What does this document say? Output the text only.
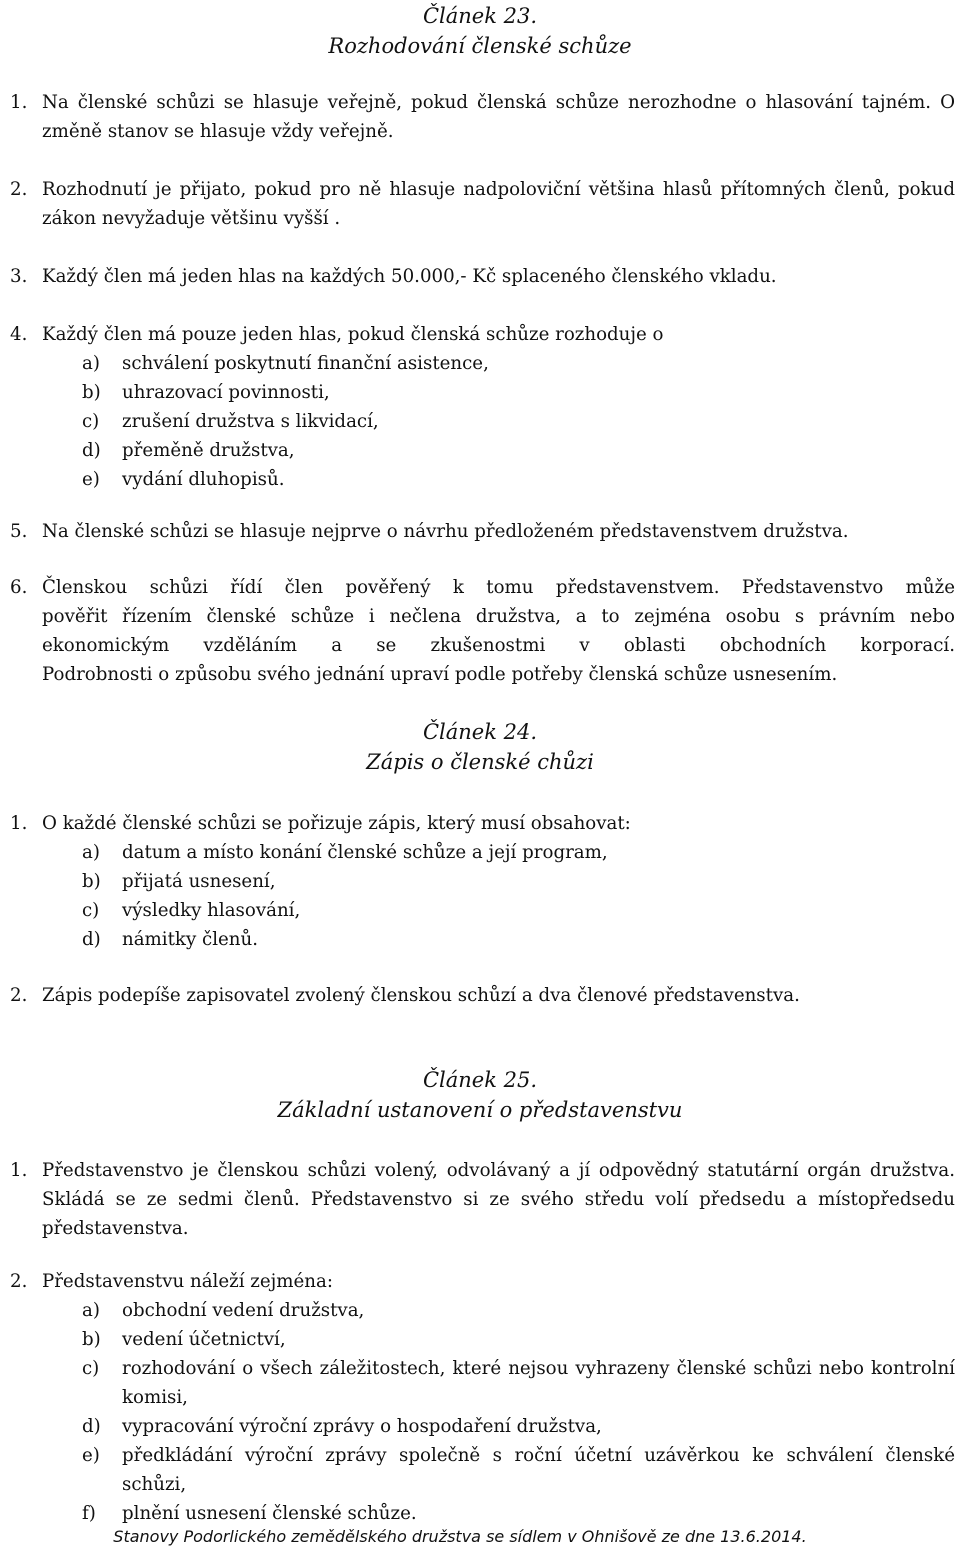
Článek 23.
Rozhodování členské schůze
1. Na členské schůzi se hlasuje veřejně, pokud členská schůze nerozhodne o hlasování tajném. O změně stanov se hlasuje vždy veřejně.
2. Rozhodnutí je přijato, pokud pro ně hlasuje nadpoloviční většina hlasů přítomných členů, pokud zákon nevyžaduje většinu vyšší .
3. Každý člen má jeden hlas na každých 50.000,- Kč splaceného členského vkladu.
4. Každý člen má pouze jeden hlas, pokud členská schůze rozhoduje o
a) schválení poskytnutí finanční asistence,
b) uhrazovací povinnosti,
c) zrušení družstva s likvidací,
d) přeměně družstva,
e) vydání dluhopisů.
5. Na členské schůzi se hlasuje nejprve o návrhu předloženém představenstvem družstva.
6. Členskou schůzi řídí člen pověřený k tomu představenstvem. Představenstvo může
pověřit řízením členské schůze i nečlena družstva, a to zejména osobu s právním nebo
ekonomickým vzděláním a se zkušenostmi v oblasti obchodních korporací.
Podrobnosti o způsobu svého jednání upraví podle potřeby členská schůze usnesením.
Článek 24.
Zápis o členské chůzi
1. O každé členské schůzi se pořizuje zápis, který musí obsahovat:
a) datum a místo konání členské schůze a její program,
b) přijatá usnesení,
c) výsledky hlasování,
d) námitky členů.
2. Zápis podepíše zapisovatel zvolený členskou schůzí a dva členové představenstva.
Článek 25.
Základní ustanovení o představenstvu
1. Představenstvo je členskou schůzi volený, odvolávaný a jí odpovědný statutární orgán družstva. Skládá se ze sedmi členů. Představenstvo si ze svého středu volí předsedu a místopředsedu představenstva.
2. Představenstvu náleží zejména:
a) obchodní vedení družstva,
b) vedení účetnictví,
c) rozhodování o všech záležitostech, které nejsou vyhrazeny členské schůzi nebo kontrolní komisi,
d) vypracování výroční zprávy o hospodaření družstva,
e) předkládání výroční zprávy společně s roční účetní uzávěrkou ke schválení členské schůzi,
f) plnění usnesení členské schůze.
Stanovy Podorlického zemědělského družstva se sídlem v Ohnišově ze dne 13.6.2014.
